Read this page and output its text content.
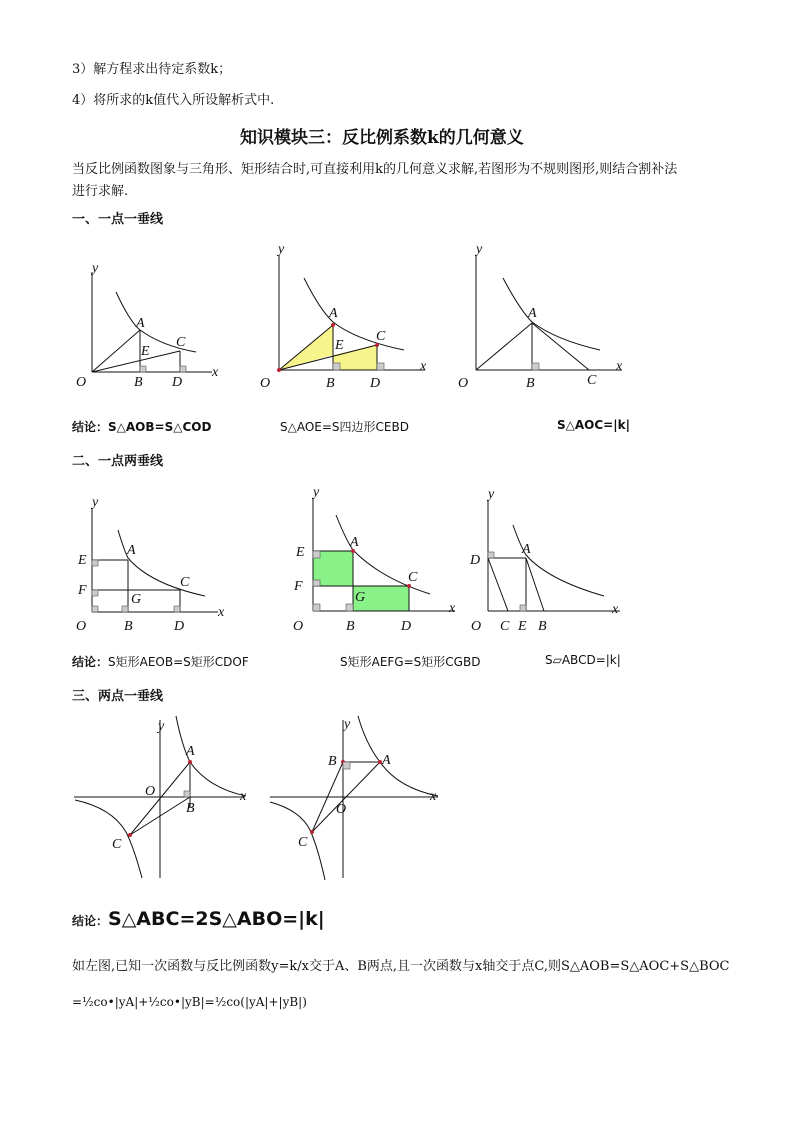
3）解方程求出待定系数k；
4）将所求的k值代入所设解析式中.
知识模块三：反比例系数k的几何意义
当反比例函数图象与三角形、矩形结合时,可直接利用k的几何意义求解,若图形为不规则图形,则结合割补法
进行求解.
一、一点一垂线
y
x
O
A
E
C
B D
y
x
O
A
E
C
B	D
y
x
O
A
B	C
结论：S△AOB=S△COD	S△AOE=S四边形CEBD	S△AOC=|k|
二、一点两垂线
y
x
O
E
F
A
G
C
B	D
y
x
O
E
F
A
G
C
B	D
y
x
O
D
A
C E B
结论：S矩形AEOB=S矩形CDOF	S矩形AEFG=S矩形CGBD	S▱ABCD=|k|
三、两点一垂线
y
x
O
A
B
C
y
x
O
B	A
C
结论：S△ABC=2S△ABO=|k|
如左图,已知一次函数与反比例函数y=k/x交于A、B两点,且一次函数与x轴交于点C,则S△AOB=S△AOC+S△BOC
=½co•|yA|+½co•|yB|=½co(|yA|+|yB|)
